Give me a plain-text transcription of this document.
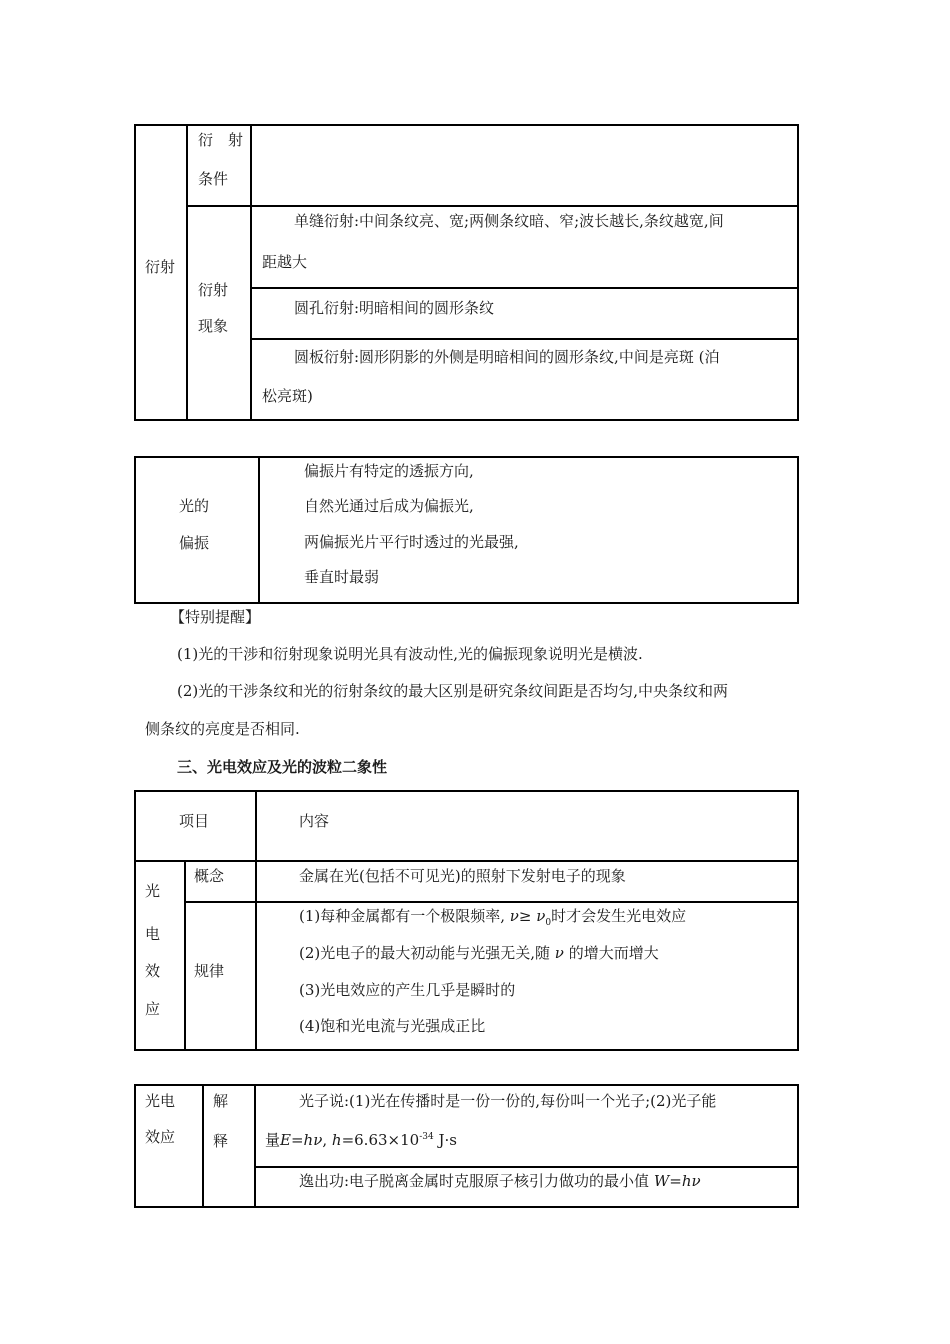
衍射
衍　射
条件
衍射
现象
单缝衍射:中间条纹亮、宽;两侧条纹暗、窄;波长越长,条纹越宽,间
距越大
圆孔衍射:明暗相间的圆形条纹
圆板衍射:圆形阴影的外侧是明暗相间的圆形条纹,中间是亮斑 (泊
松亮斑)
光的
偏振
偏振片有特定的透振方向,
自然光通过后成为偏振光,
两偏振光片平行时透过的光最强,
垂直时最弱
【特别提醒】
(1)光的干涉和衍射现象说明光具有波动性,光的偏振现象说明光是横波.
(2)光的干涉条纹和光的衍射条纹的最大区别是研究条纹间距是否均匀,中央条纹和两
侧条纹的亮度是否相同.
三、光电效应及光的波粒二象性
项目	内容
光
电
效
应
概念	金属在光(包括不可见光)的照射下发射电子的现象
规律
(1)每种金属都有一个极限频率, $\nu\ge \nu_0$时才会发生光电效应
(2)光电子的最大初动能与光强无关,随 ν 的增大而增大
(3)光电效应的产生几乎是瞬时的
(4)饱和光电流与光强成正比
光电
效应
解
释
光子说:(1)光在传播时是一份一份的,每份叫一个光子;(2)光子能
量E=hν, $h=6.63\times 10^{-34}$ J·s
逸出功:电子脱离金属时克服原子核引力做功的最小值 W=hν
